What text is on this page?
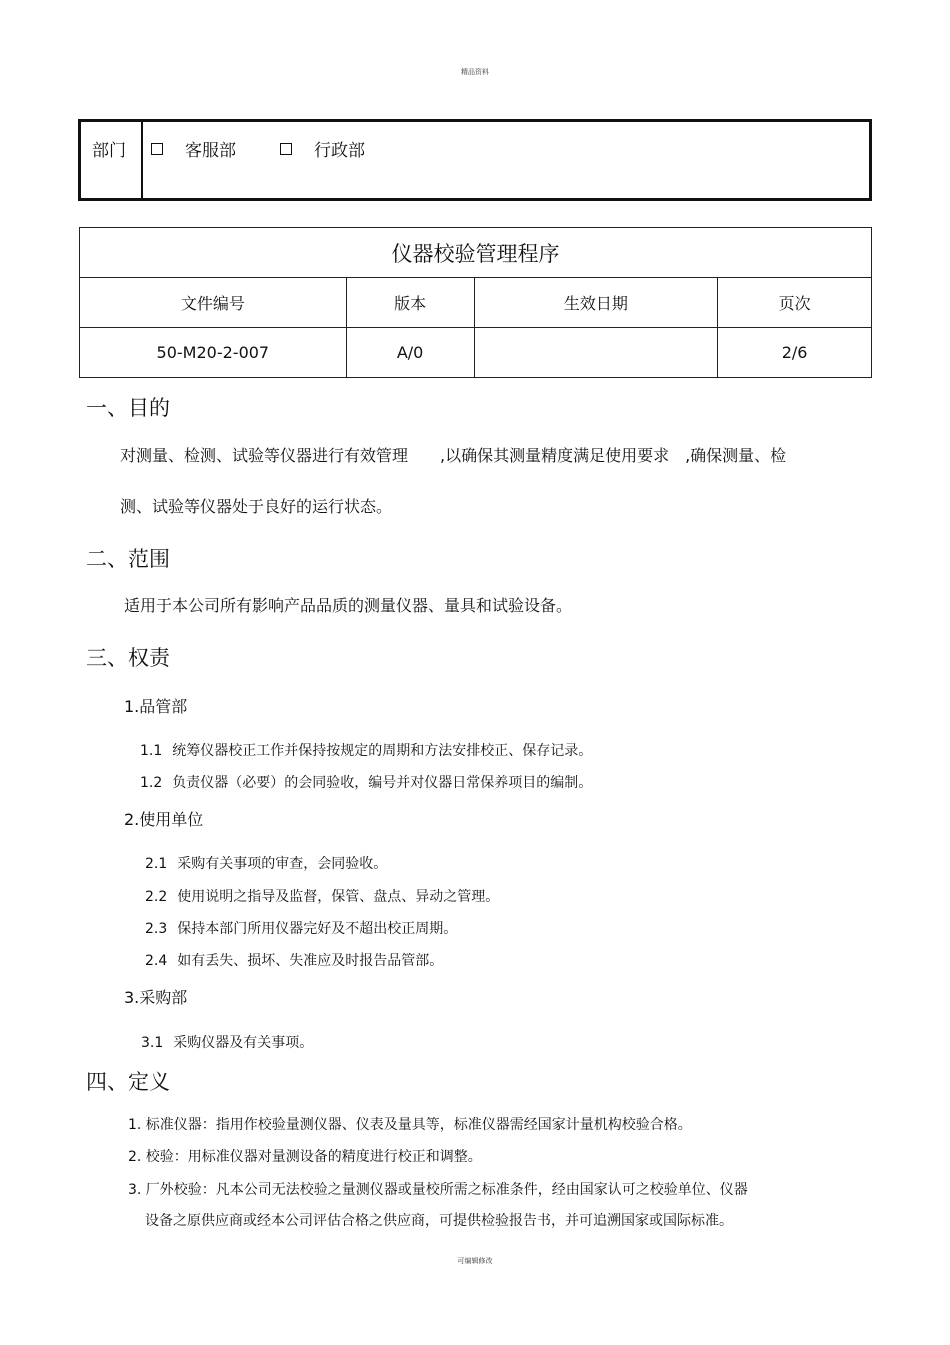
精品资料
部门	客服部	行政部
仪器校验管理程序			
文件编号	版本	生效日期	页次
50-M20-2-007	A/0		2/6
一、目的
对测量、检测、试验等仪器进行有效管理　　,以确保其测量精度满足使用要求　,确保测量、检
测、试验等仪器处于良好的运行状态。
二、范围
适用于本公司所有影响产品品质的测量仪器、量具和试验设备。
三、权责
1.品管部
1.1 统筹仪器校正工作并保持按规定的周期和方法安排校正、保存记录。
1.2 负责仪器（必要）的会同验收，编号并对仪器日常保养项目的编制。
2.使用单位
2.1 采购有关事项的审查，会同验收。
2.2 使用说明之指导及监督，保管、盘点、异动之管理。
2.3 保持本部门所用仪器完好及不超出校正周期。
2.4 如有丢失、损坏、失准应及时报告品管部。
3.采购部
3.1 采购仪器及有关事项。
四、定义
1. 标准仪器：指用作校验量测仪器、仪表及量具等，标准仪器需经国家计量机构校验合格。
2. 校验：用标准仪器对量测设备的精度进行校正和调整。
3. 厂外校验：凡本公司无法校验之量测仪器或量校所需之标准条件，经由国家认可之校验单位、仪器
设备之原供应商或经本公司评估合格之供应商，可提供检验报告书，并可追溯国家或国际标准。
可编辑修改
